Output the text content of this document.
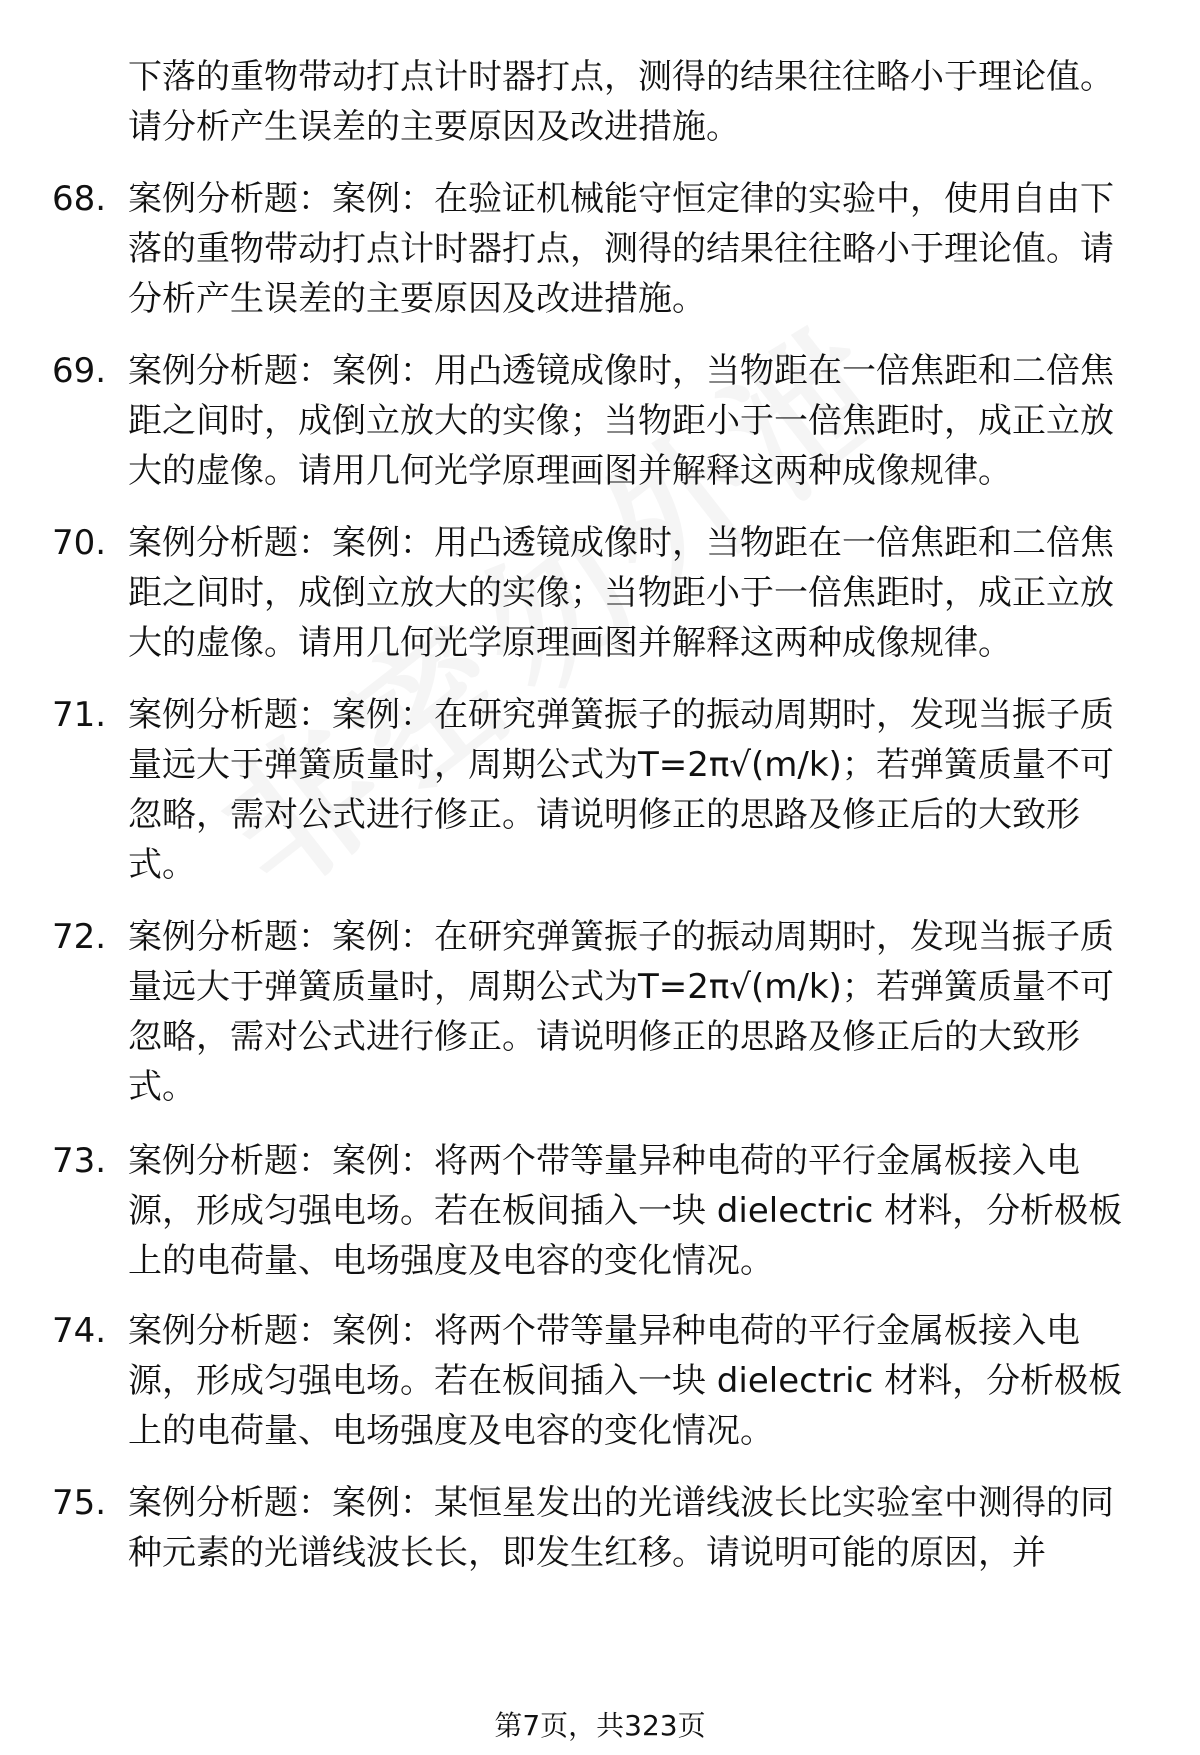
下落的重物带动打点计时器打点，测得的结果往往略小于理论值。请分析产生误差的主要原因及改进措施。

68. 案例分析题：案例：在验证机械能守恒定律的实验中，使用自由下落的重物带动打点计时器打点，测得的结果往往略小于理论值。请分析产生误差的主要原因及改进措施。

69. 案例分析题：案例：用凸透镜成像时，当物距在一倍焦距和二倍焦距之间时，成倒立放大的实像；当物距小于一倍焦距时，成正立放大的虚像。请用几何光学原理画图并解释这两种成像规律。

70. 案例分析题：案例：用凸透镜成像时，当物距在一倍焦距和二倍焦距之间时，成倒立放大的实像；当物距小于一倍焦距时，成正立放大的虚像。请用几何光学原理画图并解释这两种成像规律。

71. 案例分析题：案例：在研究弹簧振子的振动周期时，发现当振子质量远大于弹簧质量时，周期公式为T=2π√(m/k)；若弹簧质量不可忽略，需对公式进行修正。请说明修正的思路及修正后的大致形式。

72. 案例分析题：案例：在研究弹簧振子的振动周期时，发现当振子质量远大于弹簧质量时，周期公式为T=2π√(m/k)；若弹簧质量不可忽略，需对公式进行修正。请说明修正的思路及修正后的大致形式。

73. 案例分析题：案例：将两个带等量异种电荷的平行金属板接入电源，形成匀强电场。若在板间插入一块 dielectric 材料，分析极板上的电荷量、电场强度及电容的变化情况。

74. 案例分析题：案例：将两个带等量异种电荷的平行金属板接入电源，形成匀强电场。若在板间插入一块 dielectric 材料，分析极板上的电荷量、电场强度及电容的变化情况。

75. 案例分析题：案例：某恒星发出的光谱线波长比实验室中测得的同种元素的光谱线波长长，即发生红移。请说明可能的原因，并

第7页，共323页
